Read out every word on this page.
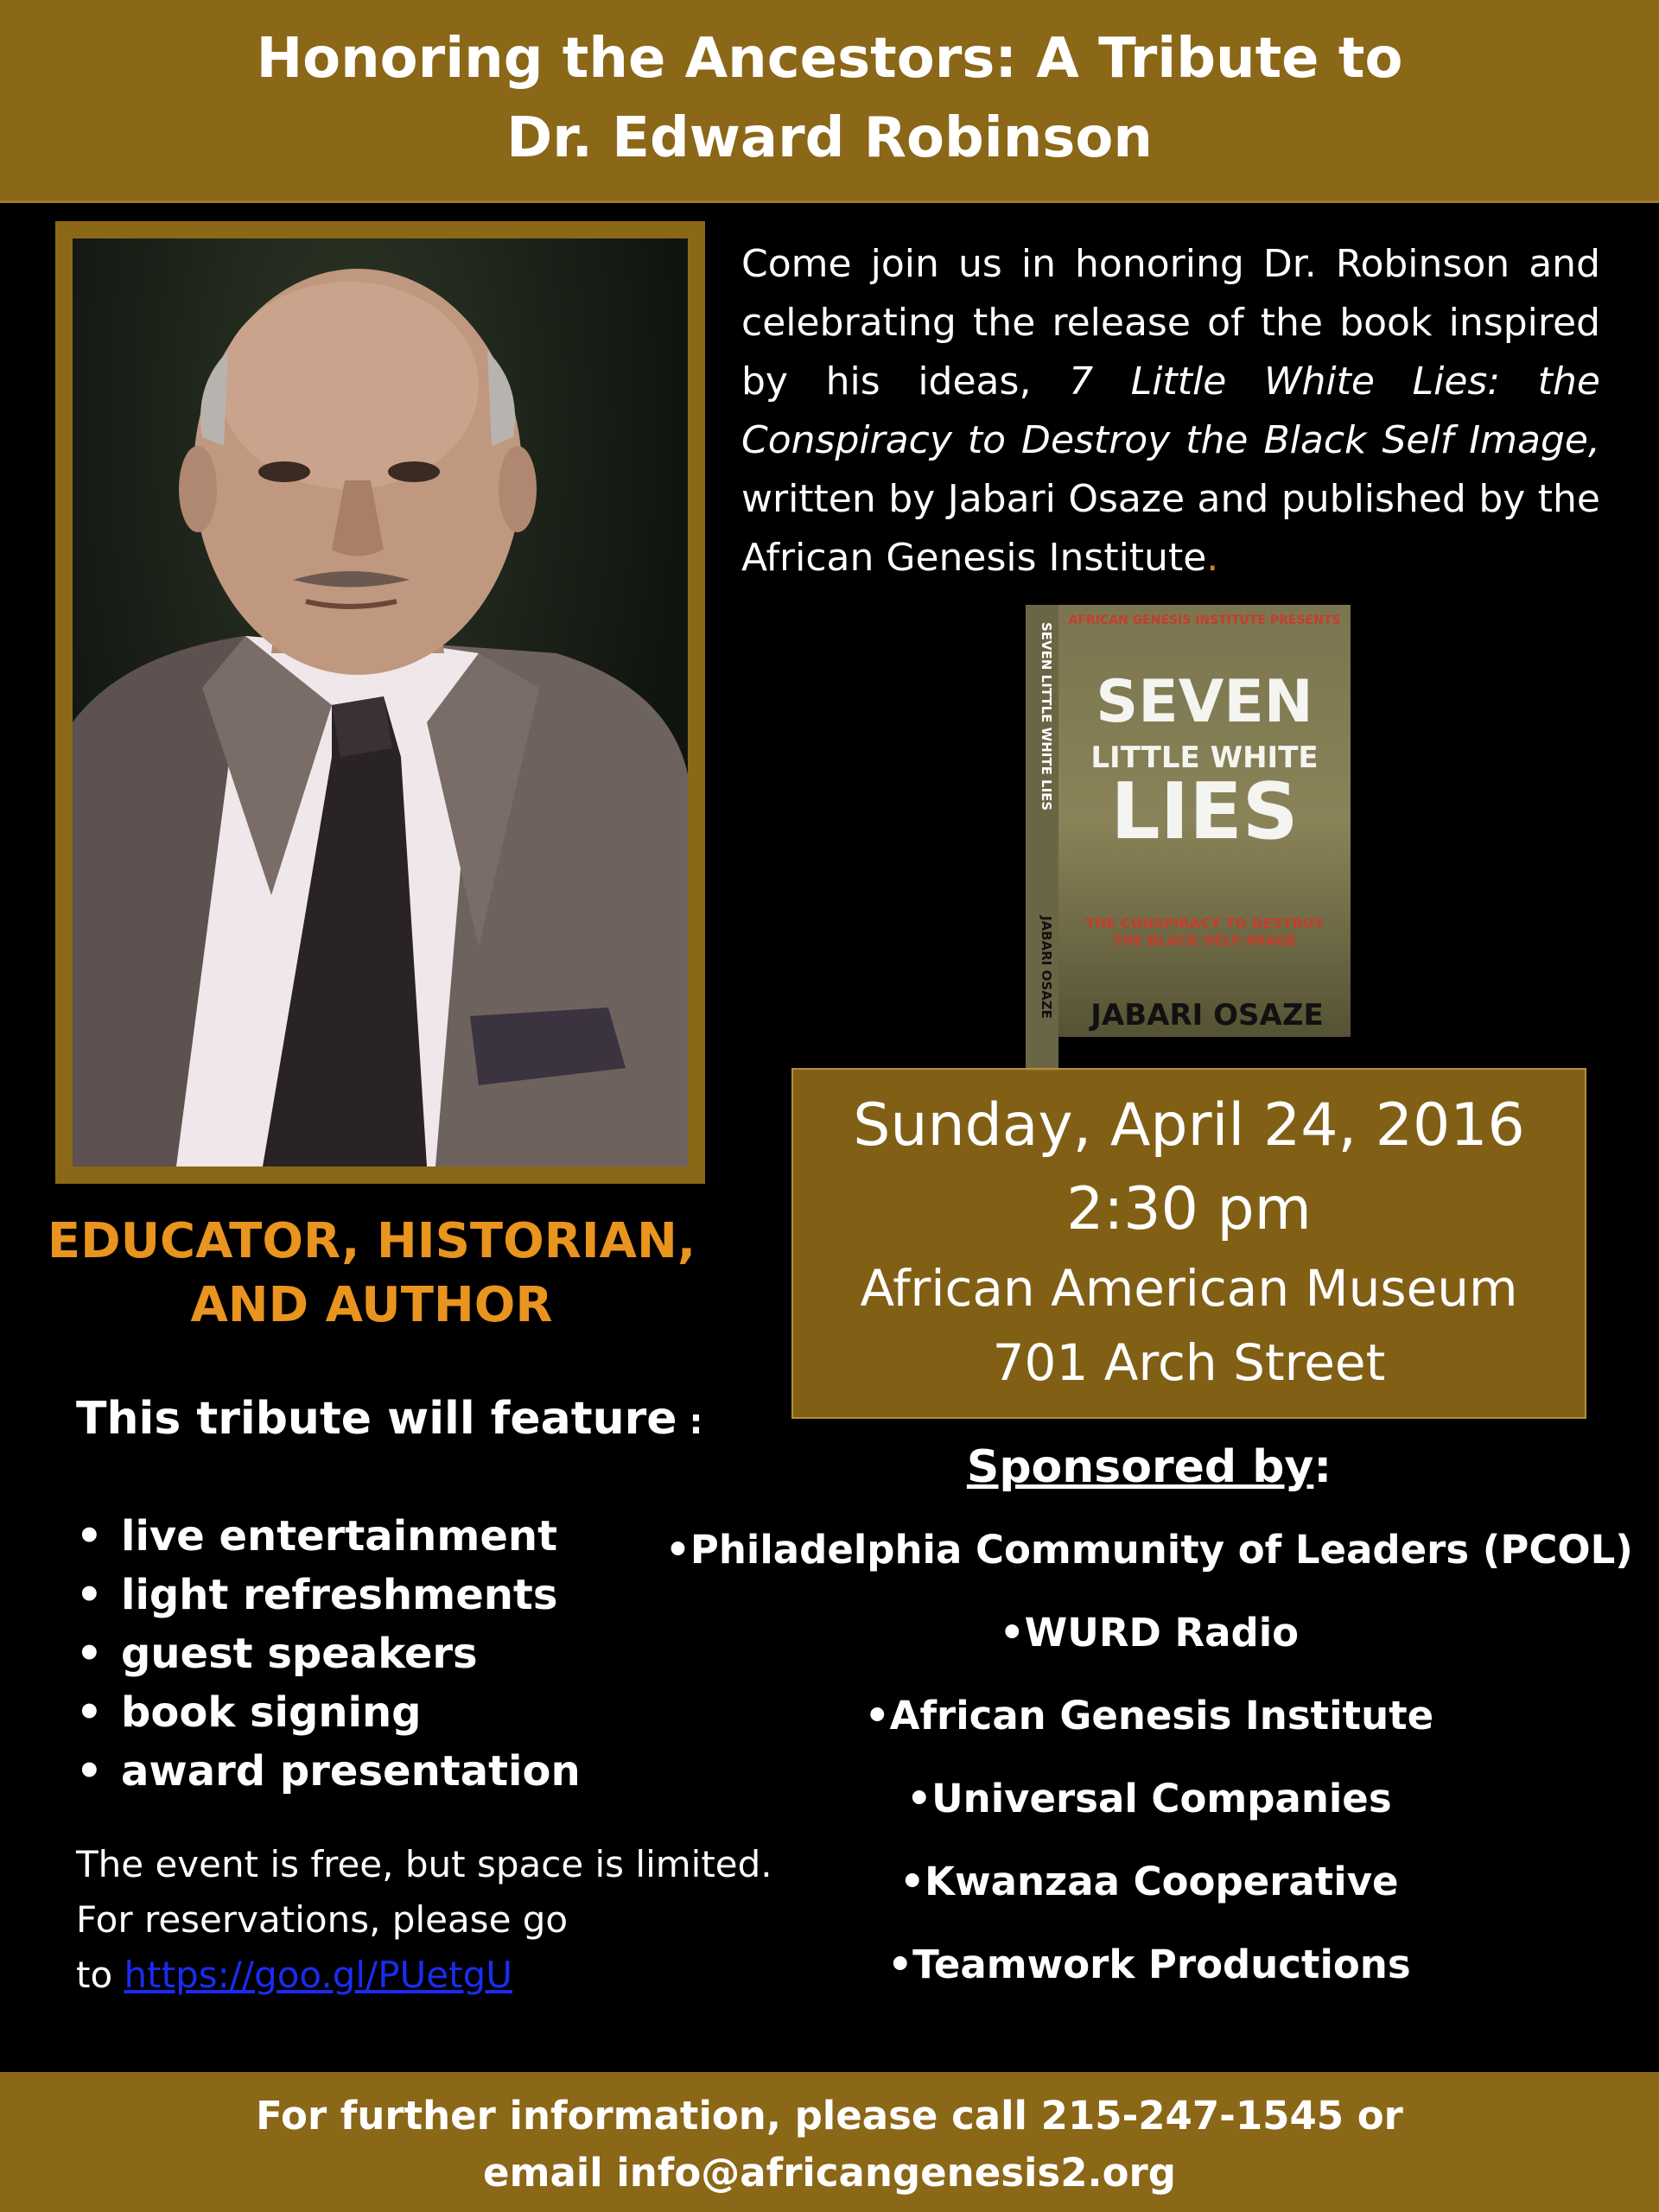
Honoring the Ancestors: A Tribute to
Dr. Edward Robinson
Come join us in honoring Dr. Robinson and celebrating the release of the book inspired by his ideas, 7 Little White Lies: the Conspiracy to Destroy the Black Self Image, written by Jabari Osaze and published by the African Genesis Institute.
SEVEN LITTLE WHITE LIES
JABARI OSAZE
AFRICAN GENESIS INSTITUTE PRESENTS
SEVEN
LITTLE WHITE
LIES
THE CONSPIRACY TO DESTROY
THE BLACK SELF-IMAGE
JABARI OSAZE
Sunday, April 24, 2016
2:30 pm
African American Museum
701 Arch Street
EDUCATOR, HISTORIAN,
AND AUTHOR
This tribute will feature :
• live entertainment
• light refreshments
• guest speakers
• book signing
• award presentation
The event is free, but space is limited.
For reservations, please go
to https://goo.gl/PUetgU
Sponsored by:
•Philadelphia Community of Leaders (PCOL)
•WURD Radio
•African Genesis Institute
•Universal Companies
•Kwanzaa Cooperative
•Teamwork Productions
For further information, please call 215-247-1545 or
email info@africangenesis2.org
